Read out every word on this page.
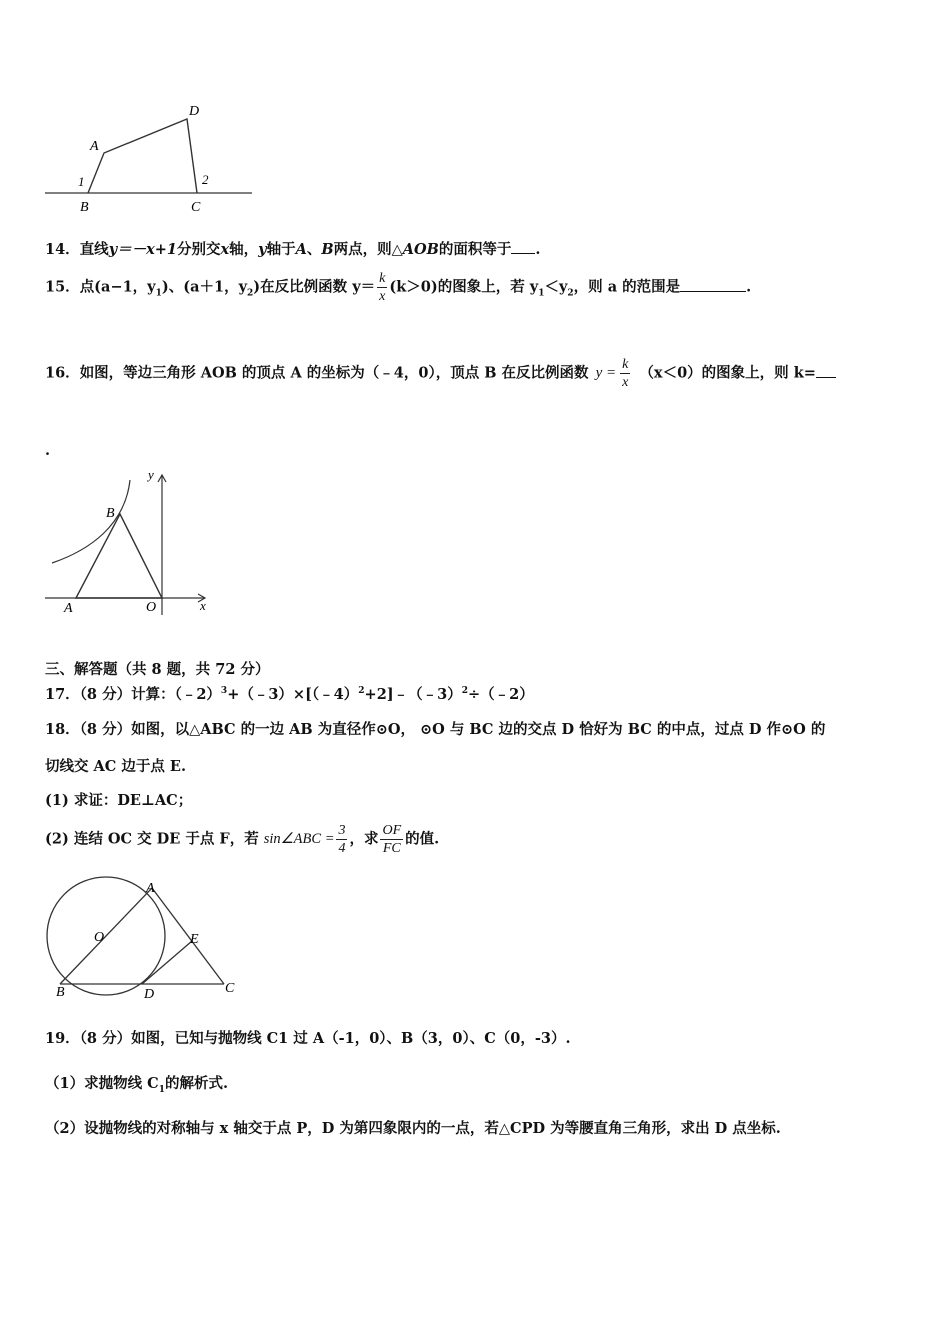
A
D
1	2
B	C
14．直线y＝－x+1分别交x轴，y轴于A、B两点，则△AOB的面积等于 .
15．点(a−1，$y_1$)、(a＋1，$y_2$)在反比例函数 $y= \frac{k}{x} (k>0)$的图象上，若 $y_1<y_2$，则 a 的范围是	.
16．如图，等边三角形 AOB 的顶点 A 的坐标为（﹣4，0），顶点 B 在反比例函数 $y = \frac{k}{x} (x<0)$的图象上，则 k=
.
y
B
A	O	x
三、解答题（共 8 题，共 72 分）
17．（8 分）计算：（﹣2）$^3$+（﹣3）×[（﹣4）$^2$+2]﹣（﹣3）$^2$÷（﹣2）
18．（8 分）如图，以△ABC 的一边 AB 为直径作⊙O， ⊙O 与 BC 边的交点 D 恰好为 BC 的中点，过点 D 作⊙O 的
切线交 AC 边于点 E.
(1) 求证：DE⊥AC；
(2) 连结 OC 交 DE 于点 F，若 sin∠ABC = $\frac{3}{4}$ ，求 $\frac{OF}{FC}$ 的值.
A
O	E
B	D	C
19．（8 分）如图，已知与抛物线 C1 过 A（-1，0）、B（3，0）、C（0，-3）.
（1）求抛物线 $C_1$的解析式.
（2）设抛物线的对称轴与 x 轴交于点 P，D 为第四象限内的一点，若△CPD 为等腰直角三角形，求出 D 点坐标.
